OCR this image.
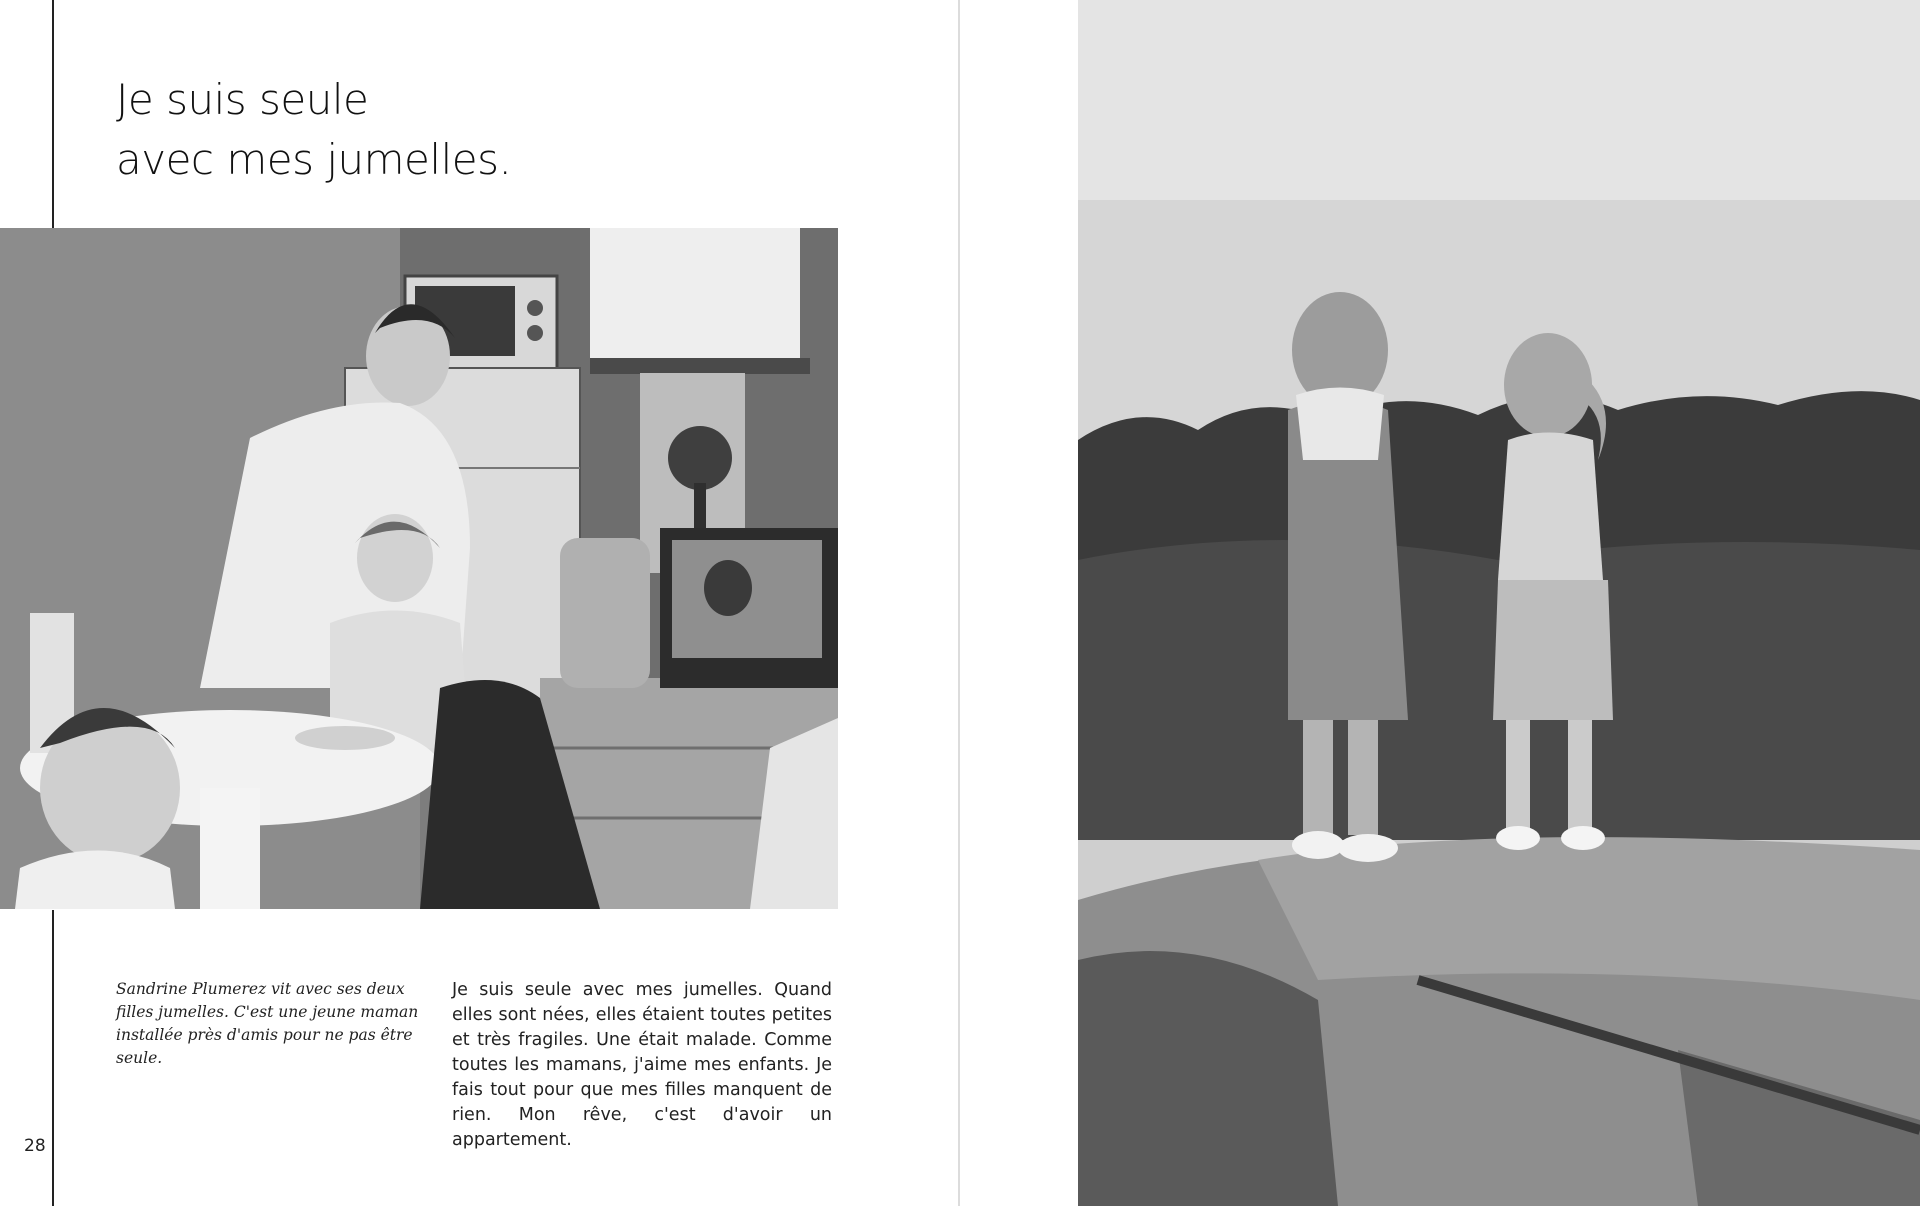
Je suis seule
avec mes jumelles.
Sandrine Plumerez vit avec ses deux filles jumelles. C'est une jeune maman installée près d'amis pour ne pas être seule.
Je suis seule avec mes jumelles. Quand elles sont nées, elles étaient toutes petites et très fragiles. Une était malade. Comme toutes les mamans, j'aime mes enfants. Je fais tout pour que mes filles manquent de rien. Mon rêve, c'est d'avoir un appartement.
28
